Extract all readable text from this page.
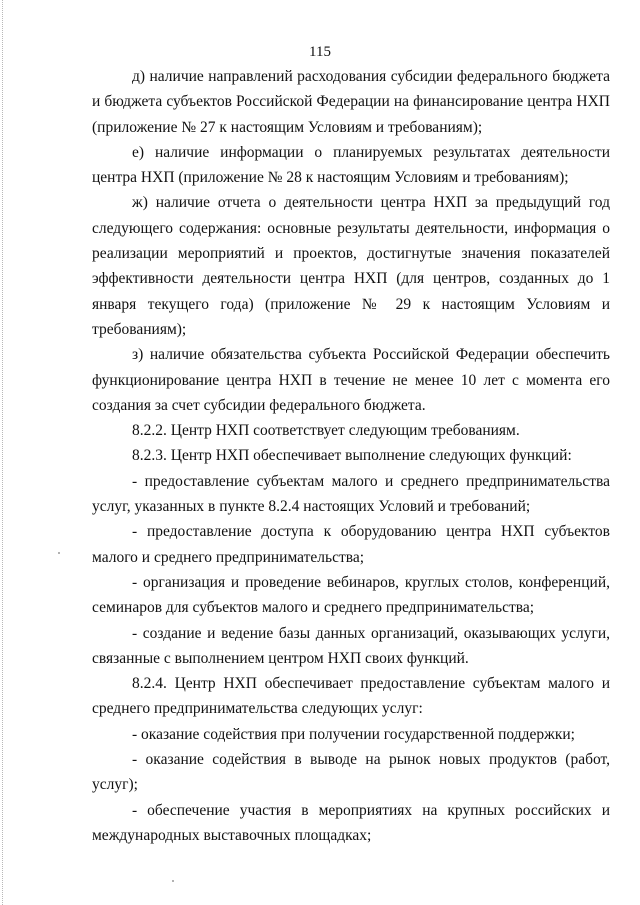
115

д) наличие направлений расходования субсидии федерального бюджета и бюджета субъектов Российской Федерации на финансирование центра НХП (приложение № 27 к настоящим Условиям и требованиям);

е) наличие информации о планируемых результатах деятельности центра НХП (приложение № 28 к настоящим Условиям и требованиям);

ж) наличие отчета о деятельности центра НХП за предыдущий год следующего содержания: основные результаты деятельности, информация о реализации мероприятий и проектов, достигнутые значения показателей эффективности деятельности центра НХП (для центров, созданных до 1 января текущего года) (приложение № 29 к настоящим Условиям и требованиям);

з) наличие обязательства субъекта Российской Федерации обеспечить функционирование центра НХП в течение не менее 10 лет с момента его создания за счет субсидии федерального бюджета.

8.2.2. Центр НХП соответствует следующим требованиям.

8.2.3. Центр НХП обеспечивает выполнение следующих функций:

- предоставление субъектам малого и среднего предпринимательства услуг, указанных в пункте 8.2.4 настоящих Условий и требований;

- предоставление доступа к оборудованию центра НХП субъектов малого и среднего предпринимательства;

- организация и проведение вебинаров, круглых столов, конференций, семинаров для субъектов малого и среднего предпринимательства;

- создание и ведение базы данных организаций, оказывающих услуги, связанные с выполнением центром НХП своих функций.

8.2.4. Центр НХП обеспечивает предоставление субъектам малого и среднего предпринимательства следующих услуг:

- оказание содействия при получении государственной поддержки;

- оказание содействия в выводе на рынок новых продуктов (работ, услуг);

- обеспечение участия в мероприятиях на крупных российских и международных выставочных площадках;
